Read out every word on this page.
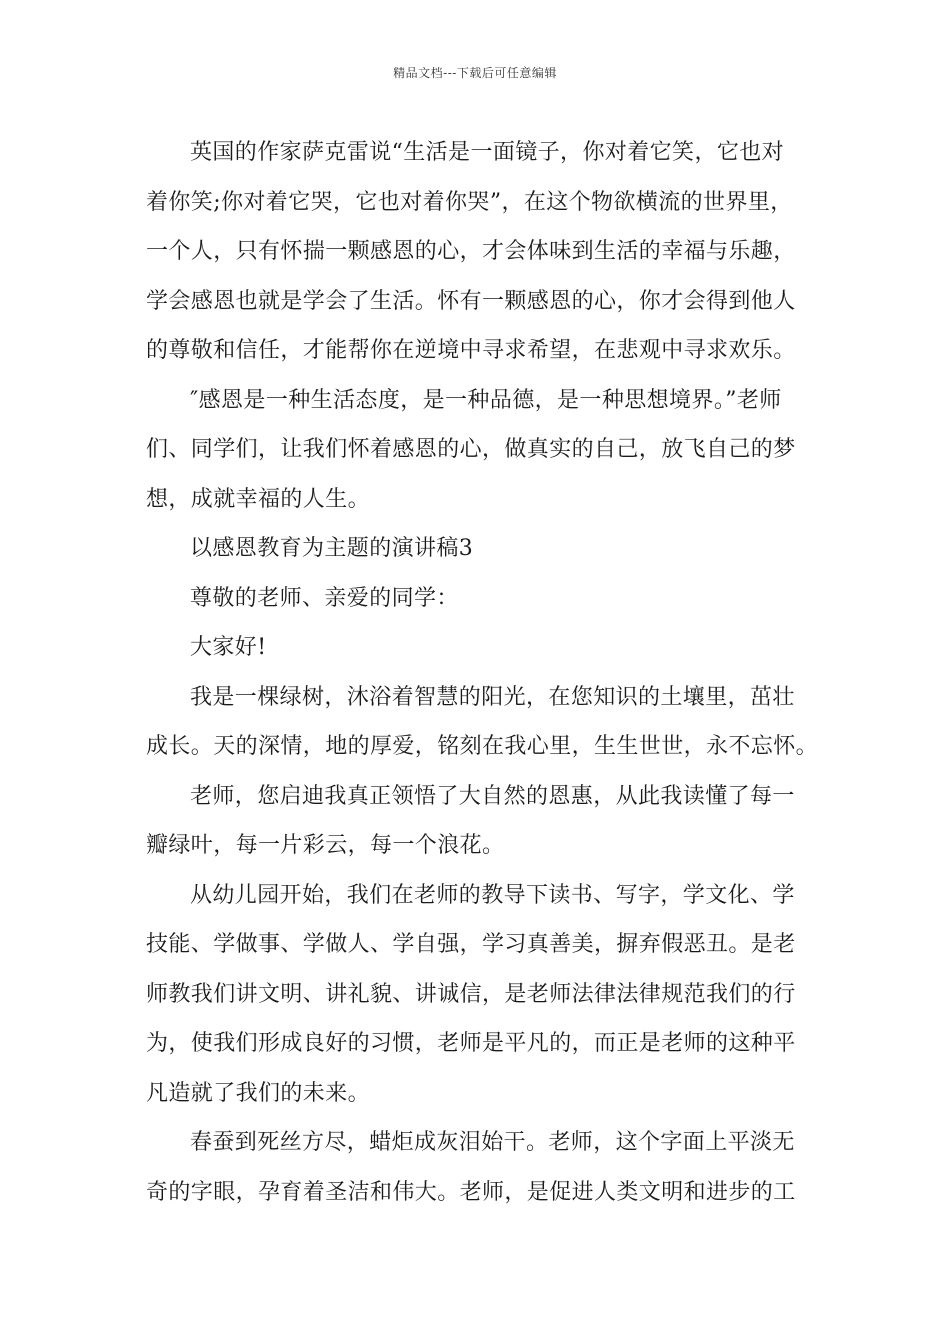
精品文档---下载后可任意编辑
英国的作家萨克雷说“生活是一面镜子，你对着它笑，它也对
着你笑;你对着它哭，它也对着你哭”，在这个物欲横流的世界里，
一个人，只有怀揣一颗感恩的心，才会体味到生活的幸福与乐趣，
学会感恩也就是学会了生活。怀有一颗感恩的心，你才会得到他人
的尊敬和信任，才能帮你在逆境中寻求希望，在悲观中寻求欢乐。
″感恩是一种生活态度，是一种品德，是一种思想境界。”老师
们、同学们，让我们怀着感恩的心，做真实的自己，放飞自己的梦
想，成就幸福的人生。
以感恩教育为主题的演讲稿3
尊敬的老师、亲爱的同学：
大家好!
我是一棵绿树，沐浴着智慧的阳光，在您知识的土壤里，茁壮
成长。天的深情，地的厚爱，铭刻在我心里，生生世世，永不忘怀。
老师，您启迪我真正领悟了大自然的恩惠，从此我读懂了每一
瓣绿叶，每一片彩云，每一个浪花。
从幼儿园开始，我们在老师的教导下读书、写字，学文化、学
技能、学做事、学做人、学自强，学习真善美，摒弃假恶丑。是老
师教我们讲文明、讲礼貌、讲诚信，是老师法律法律规范我们的行
为，使我们形成良好的习惯，老师是平凡的，而正是老师的这种平
凡造就了我们的未来。
春蚕到死丝方尽，蜡炬成灰泪始干。老师，这个字面上平淡无
奇的字眼，孕育着圣洁和伟大。老师，是促进人类文明和进步的工
